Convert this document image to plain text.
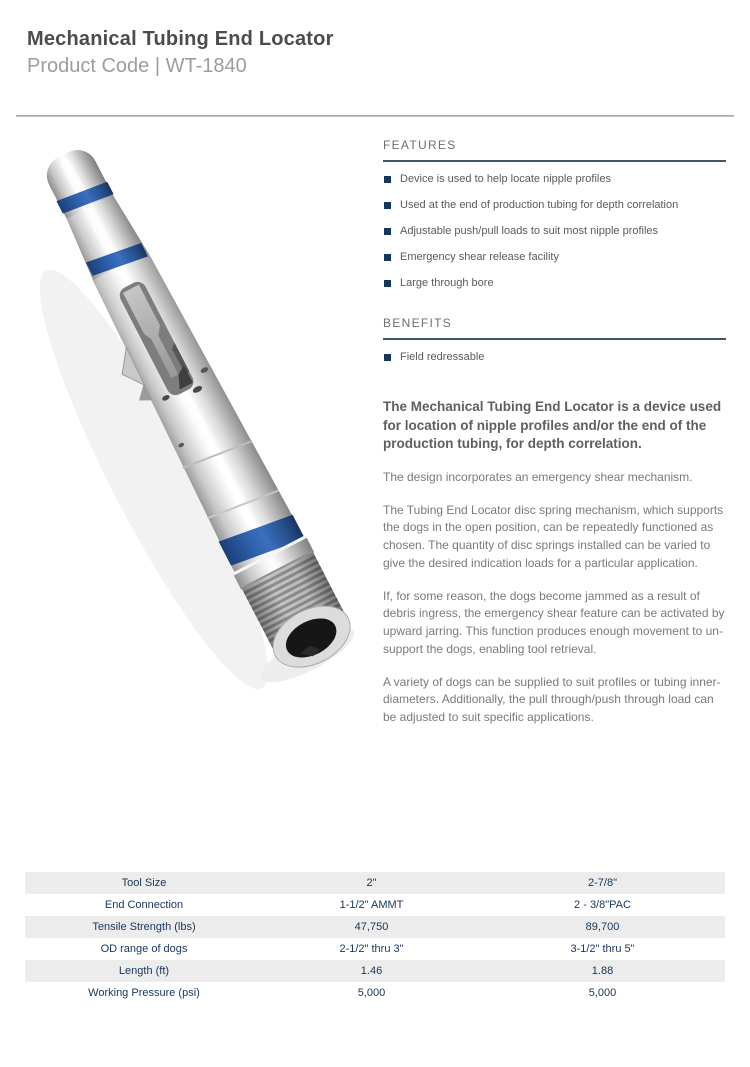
Mechanical Tubing End Locator
Product Code | WT-1840
FEATURES
Device is used to help locate nipple profiles
Used at the end of production tubing for depth correlation
Adjustable push/pull loads to suit most nipple profiles
Emergency shear release facility
Large through bore
BENEFITS
Field redressable

The Mechanical Tubing End Locator is a device used for location of nipple profiles and/or the end of the production tubing, for depth correlation.

The design incorporates an emergency shear mechanism.

The Tubing End Locator disc spring mechanism, which supports the dogs in the open position, can be repeatedly functioned as chosen. The quantity of disc springs installed can be varied to give the desired indication loads for a particular application.

If, for some reason, the dogs become jammed as a result of debris ingress, the emergency shear feature can be activated by upward jarring. This function produces enough movement to un-support the dogs, enabling tool retrieval.

A variety of dogs can be supplied to suit profiles or tubing inner-diameters. Additionally, the pull through/push through load can be adjusted to suit specific applications.

Tool Size	2"	2-7/8"
End Connection	1-1/2" AMMT	2 - 3/8"PAC
Tensile Strength (lbs)	47,750	89,700
OD range of dogs	2-1/2" thru 3"	3-1/2" thru 5"
Length (ft)	1.46	1.88
Working Pressure (psi)	5,000	5,000
